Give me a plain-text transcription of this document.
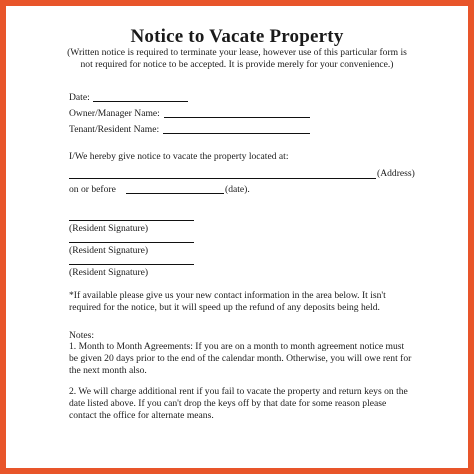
Notice to Vacate Property
(Written notice is required to terminate your lease, however use of this particular form is
not required for notice to be accepted. It is provide merely for your convenience.)
Date:
Owner/Manager Name:
Tenant/Resident Name:
I/We hereby give notice to vacate the property located at:
(Address)
on or before	(date).
(Resident Signature)
(Resident Signature)
(Resident Signature)
*If available please give us your new contact information in the area below. It isn't
required for the notice, but it will speed up the refund of any deposits being held.
Notes:
1. Month to Month Agreements: If you are on a month to month agreement notice must
be given 20 days prior to the end of the calendar month. Otherwise, you will owe rent for
the next month also.
2. We will charge additional rent if you fail to vacate the property and return keys on the
date listed above. If you can't drop the keys off by that date for some reason please
contact the office for alternate means.
